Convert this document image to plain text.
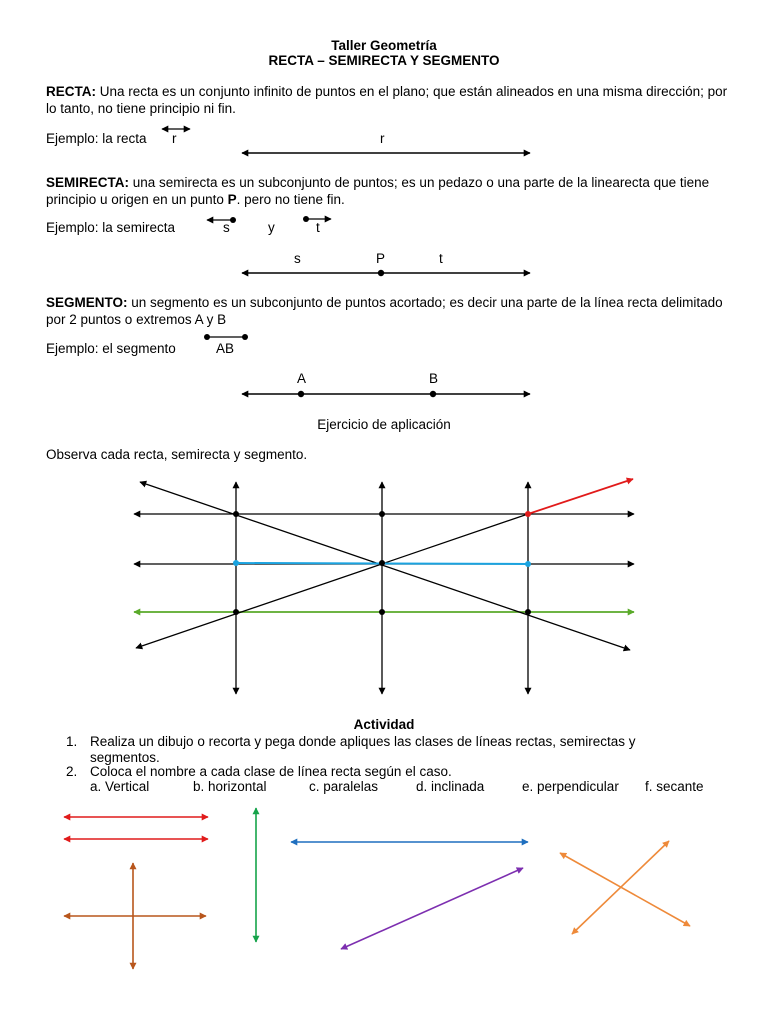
Taller Geometría
RECTA – SEMIRECTA Y SEGMENTO
RECTA: Una recta es un conjunto infinito de puntos en el plano; que están alineados en una misma dirección; por lo tanto, no tiene principio ni fin.
Ejemplo: la recta r	r
SEMIRECTA: una semirecta es un subconjunto de puntos; es un pedazo o una parte de la linearecta que tiene principio u origen en un punto P. pero no tiene fin.
Ejemplo: la semirecta	s	y	t
s	P	t
SEGMENTO: un segmento es un subconjunto de puntos acortado; es decir una parte de la línea recta delimitado por 2 puntos o extremos A y B
Ejemplo: el segmento	AB
A	B
Ejercicio de aplicación
Observa cada recta, semirecta y segmento.
Actividad
1. Realiza un dibujo o recorta y pega donde apliques las clases de líneas rectas, semirectas y
segmentos.
2. Coloca el nombre a cada clase de línea recta según el caso.
a. Vertical	b. horizontal	c. paralelas	d. inclinada	e. perpendicular f. secante
